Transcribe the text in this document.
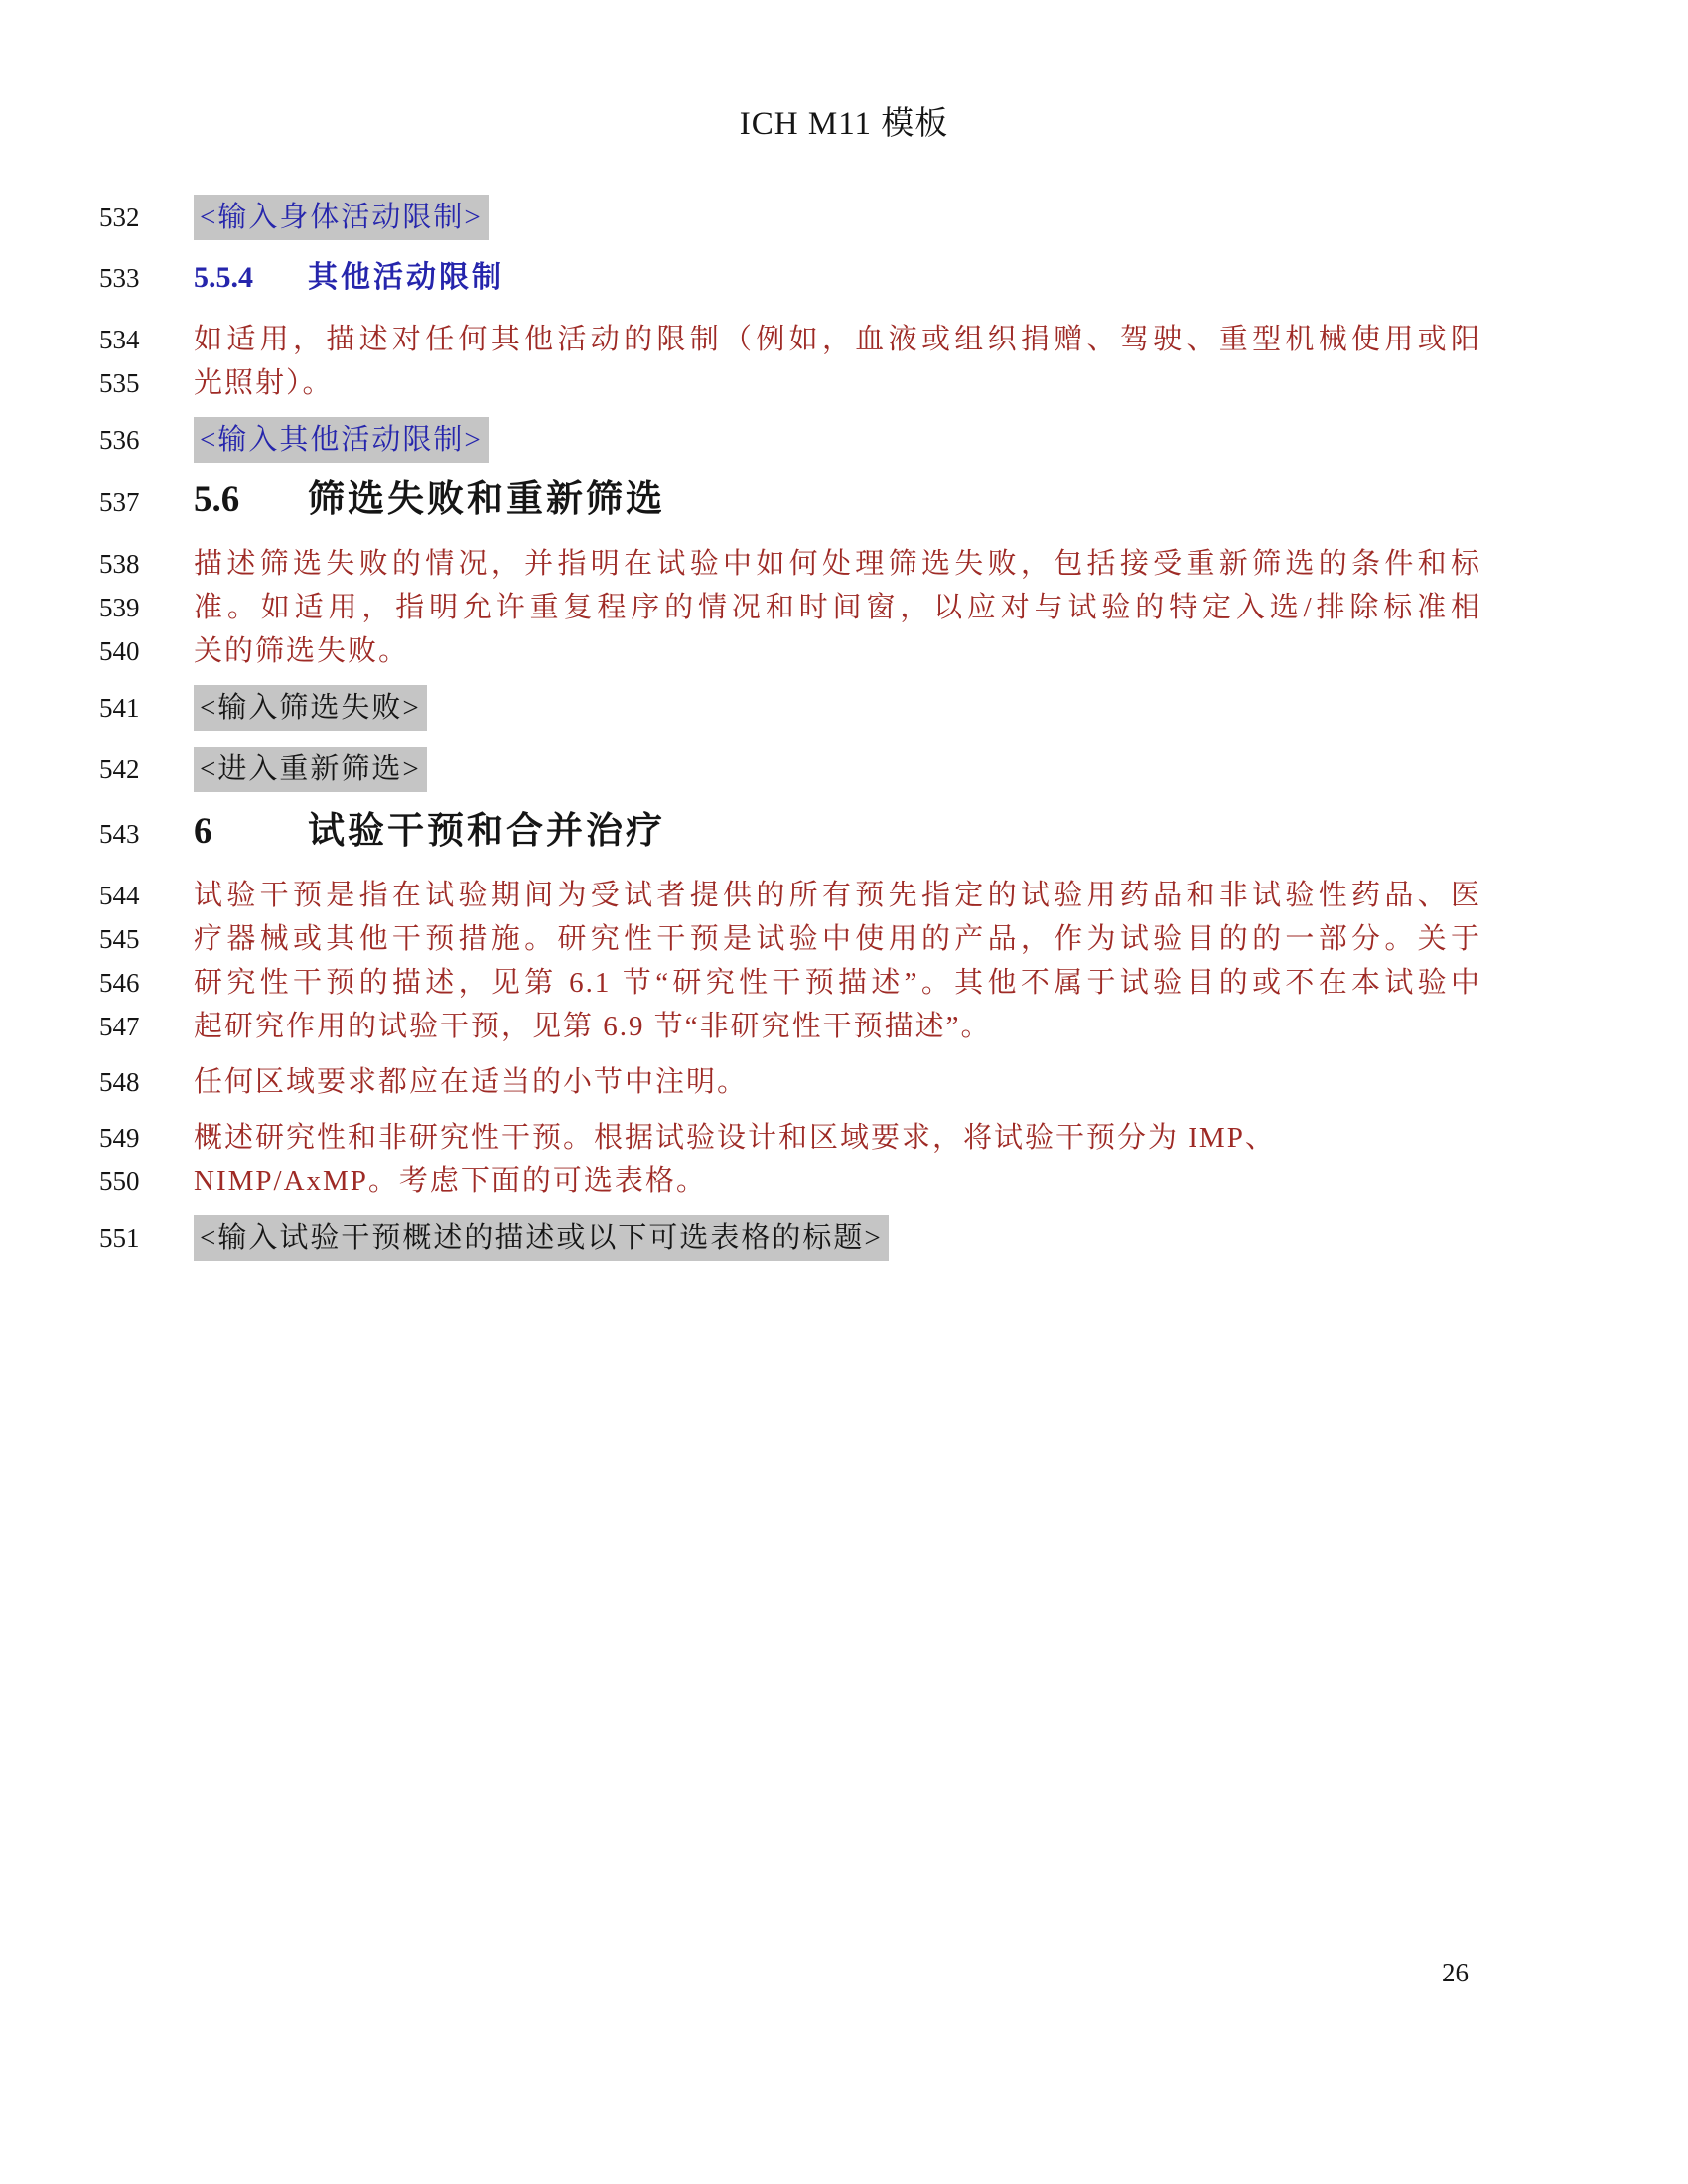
ICH M11 模板
532	<输入身体活动限制>
533	5.5.4	其他活动限制
534	如适用，描述对任何其他活动的限制（例如，血液或组织捐赠、驾驶、重型机械使用或阳
535	光照射）。
536	<输入其他活动限制>
537	5.6	筛选失败和重新筛选
538	描述筛选失败的情况，并指明在试验中如何处理筛选失败，包括接受重新筛选的条件和标
539	准。如适用，指明允许重复程序的情况和时间窗，以应对与试验的特定入选/排除标准相
540	关的筛选失败。
541	<输入筛选失败>
542	<进入重新筛选>
543	6	试验干预和合并治疗
544	试验干预是指在试验期间为受试者提供的所有预先指定的试验用药品和非试验性药品、医
545	疗器械或其他干预措施。研究性干预是试验中使用的产品，作为试验目的的一部分。关于
546	研究性干预的描述，见第 6.1 节“研究性干预描述”。其他不属于试验目的或不在本试验中
547	起研究作用的试验干预，见第 6.9 节“非研究性干预描述”。
548	任何区域要求都应在适当的小节中注明。
549	概述研究性和非研究性干预。根据试验设计和区域要求，将试验干预分为 IMP、
550	NIMP/AxMP。考虑下面的可选表格。
551	<输入试验干预概述的描述或以下可选表格的标题>
26
